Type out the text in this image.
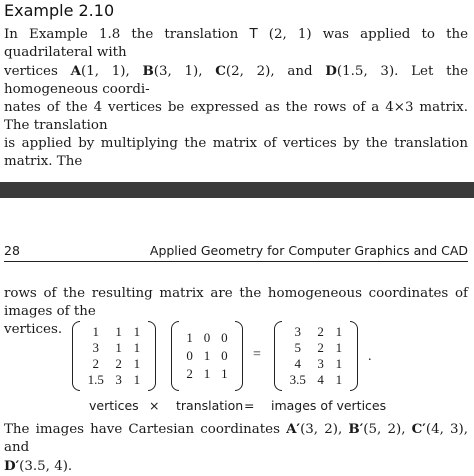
Example 2.10
In Example 1.8 the translation T (2, 1) was applied to the quadrilateral with
vertices A(1, 1), B(3, 1), C(2, 2), and D(1.5, 3). Let the homogeneous coordi-
nates of the 4 vertices be expressed as the rows of a 4×3 matrix. The translation
is applied by multiplying the matrix of vertices by the translation matrix. The
28	Applied Geometry for Computer Graphics and CAD
rows of the resulting matrix are the homogeneous coordinates of images of the
vertices.	1 1 1
3 1 1
2 2 1
1.5 3 1
1 0 0
0 1 0
2 1 1
=
3 2 1
5 2 1
4 3 1
3.5 4 1
.
vertices × translation = images of vertices
The images have Cartesian coordinates A′(3, 2), B′(5, 2), C′(4, 3), and
D′(3.5, 4).
